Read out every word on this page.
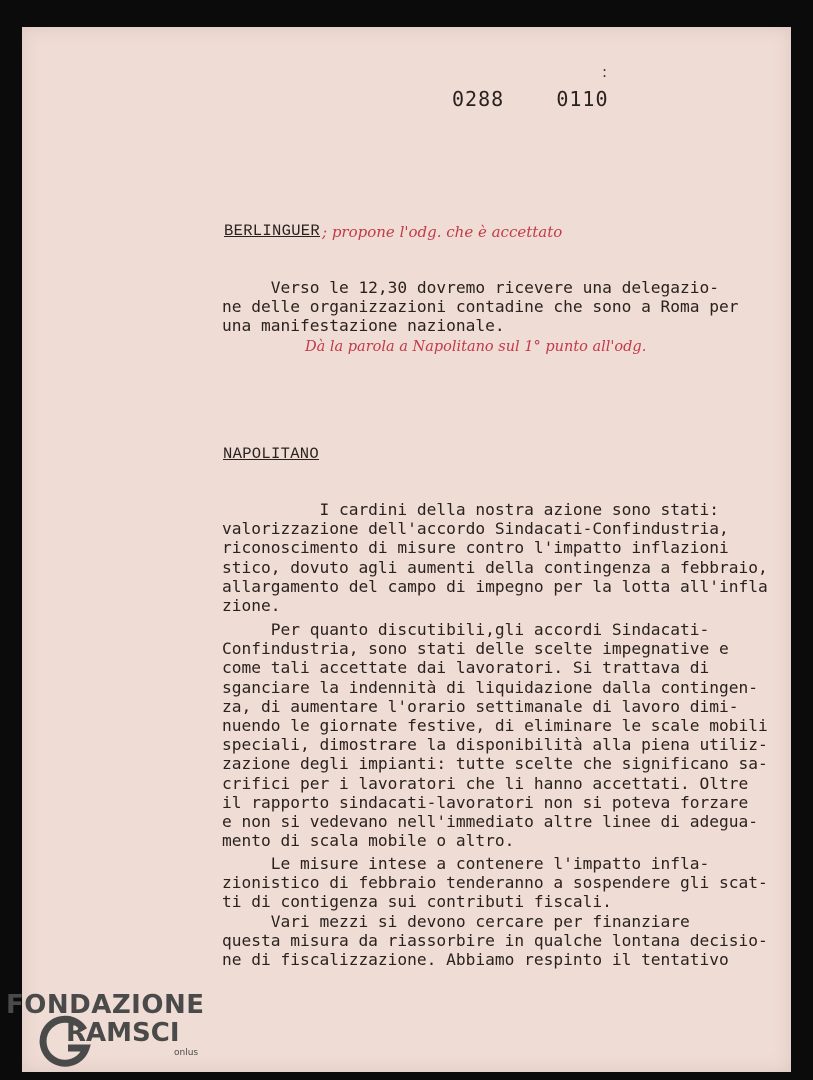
0288    0110
:
BERLINGUER ; propone l'odg. che è accettato
Verso le 12,30 dovremo ricevere una delegazio-
ne delle organizzazioni contadine che sono a Roma per
una manifestazione nazionale.
Dà la parola a Napolitano sul 1° punto all'odg.
NAPOLITANO
I cardini della nostra azione sono stati:
valorizzazione dell'accordo Sindacati-Confindustria,
riconoscimento di misure contro l'impatto inflazioni
stico, dovuto agli aumenti della contingenza a febbraio,
allargamento del campo di impegno per la lotta all'infla
zione.
Per quanto discutibili,gli accordi Sindacati-
Confindustria, sono stati delle scelte impegnative e
come tali accettate dai lavoratori. Si trattava di
sganciare la indennità di liquidazione dalla contingen-
za, di aumentare l'orario settimanale di lavoro dimi-
nuendo le giornate festive, di eliminare le scale mobili
speciali, dimostrare la disponibilità alla piena utiliz-
zazione degli impianti: tutte scelte che significano sa-
crifici per i lavoratori che li hanno accettati. Oltre
il rapporto sindacati-lavoratori non si poteva forzare
e non si vedevano nell'immediato altre linee di adegua-
mento di scala mobile o altro.
Le misure intese a contenere l'impatto infla-
zionistico di febbraio tenderanno a sospendere gli scat-
ti di contigenza sui contributi fiscali.
Vari mezzi si devono cercare per finanziare
questa misura da riassorbire in qualche lontana decisio-
ne di fiscalizzazione. Abbiamo respinto il tentativo
FONDAZIONE
RAMSCI
onlus
